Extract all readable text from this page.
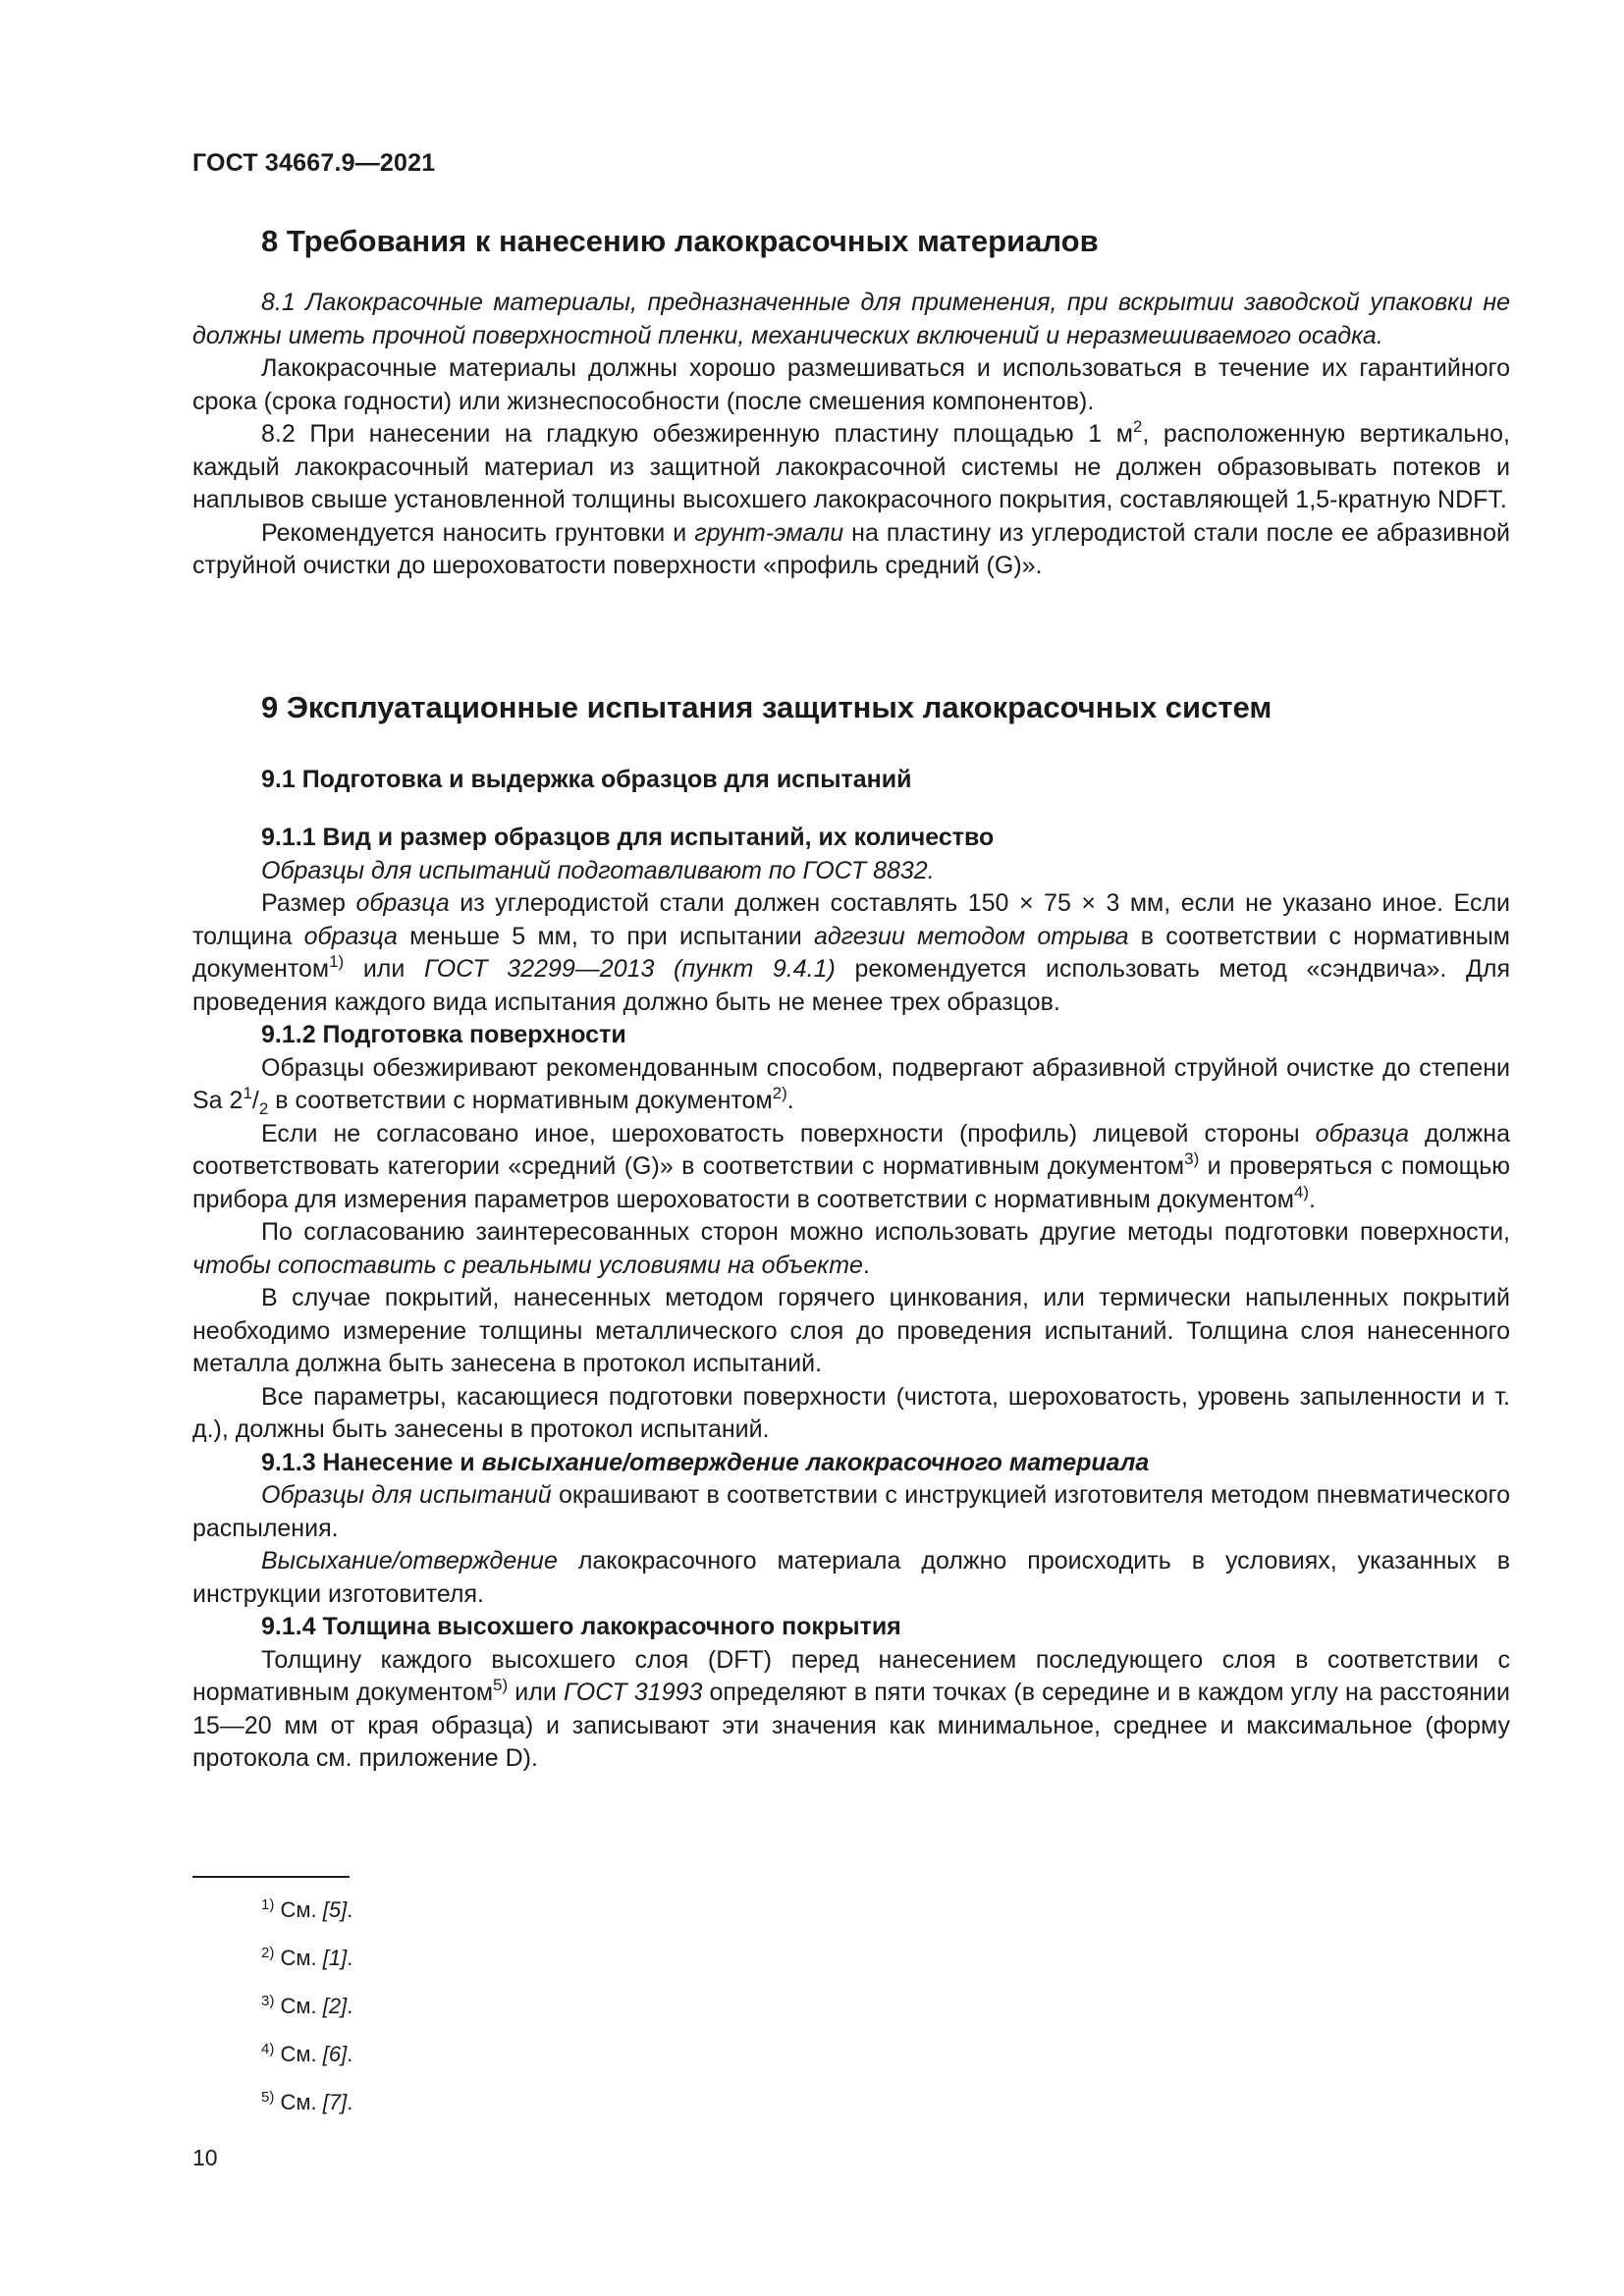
ГОСТ 34667.9—2021
8 Требования к нанесению лакокрасочных материалов

8.1 Лакокрасочные материалы, предназначенные для применения, при вскрытии заводской упаковки не должны иметь прочной поверхностной пленки, механических включений и неразмешиваемого осадка.

Лакокрасочные материалы должны хорошо размешиваться и использоваться в течение их гарантийного срока (срока годности) или жизнеспособности (после смешения компонентов).

8.2 При нанесении на гладкую обезжиренную пластину площадью 1 $м^2$, расположенную вертикально, каждый лакокрасочный материал из защитной лакокрасочной системы не должен образовывать потеков и наплывов свыше установленной толщины высохшего лакокрасочного покрытия, составляющей 1,5-кратную NDFT.

Рекомендуется наносить грунтовки и грунт-эмали на пластину из углеродистой стали после ее абразивной струйной очистки до шероховатости поверхности «профиль средний (G)».

9 Эксплуатационные испытания защитных лакокрасочных систем
9.1 Подготовка и выдержка образцов для испытаний

9.1.1 Вид и размер образцов для испытаний, их количество

Образцы для испытаний подготавливают по ГОСТ 8832.

Размер образца из углеродистой стали должен составлять 150 × 75 × 3 мм, если не указано иное. Если толщина образца меньше 5 мм, то при испытании адгезии методом отрыва в соответствии с нормативным документом$^{1)}$ или ГОСТ 32299—2013 (пункт 9.4.1) рекомендуется использовать метод «сэндвича». Для проведения каждого вида испытания должно быть не менее трех образцов.

9.1.2 Подготовка поверхности

Образцы обезжиривают рекомендованным способом, подвергают абразивной струйной очистке до степени Sa $2^1/_2$ в соответствии с нормативным документом$^{2)}$.

Если не согласовано иное, шероховатость поверхности (профиль) лицевой стороны образца должна соответствовать категории «средний (G)» в соответствии с нормативным документом$^{3)}$ и проверяться с помощью прибора для измерения параметров шероховатости в соответствии с нормативным документом$^{4)}$.

По согласованию заинтересованных сторон можно использовать другие методы подготовки поверхности, чтобы сопоставить с реальными условиями на объекте.

В случае покрытий, нанесенных методом горячего цинкования, или термически напыленных покрытий необходимо измерение толщины металлического слоя до проведения испытаний. Толщина слоя нанесенного металла должна быть занесена в протокол испытаний.

Все параметры, касающиеся подготовки поверхности (чистота, шероховатость, уровень запыленности и т. д.), должны быть занесены в протокол испытаний.

9.1.3 Нанесение и высыхание/отверждение лакокрасочного материала

Образцы для испытаний окрашивают в соответствии с инструкцией изготовителя методом пневматического распыления.

Высыхание/отверждение лакокрасочного материала должно происходить в условиях, указанных в инструкции изготовителя.

9.1.4 Толщина высохшего лакокрасочного покрытия

Толщину каждого высохшего слоя (DFT) перед нанесением последующего слоя в соответствии с нормативным документом$^{5)}$ или ГОСТ 31993 определяют в пяти точках (в середине и в каждом углу на расстоянии 15—20 мм от края образца) и записывают эти значения как минимальное, среднее и максимальное (форму протокола см. приложение D).

$^{1)}$ См. [5].
$^{2)}$ См. [1].
$^{3)}$ См. [2].
$^{4)}$ См. [6].
$^{5)}$ См. [7].
10
